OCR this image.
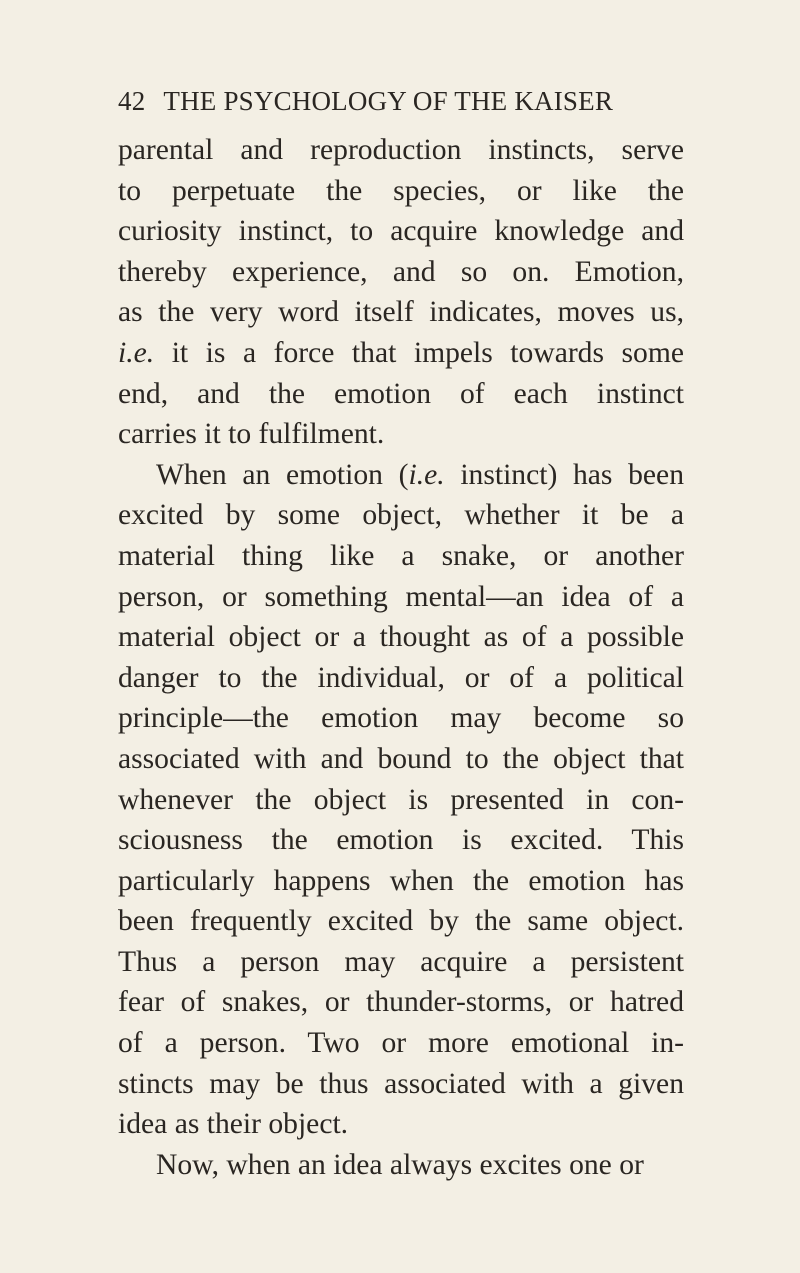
42 THE PSYCHOLOGY OF THE KAISER
parental and reproduction instincts, serve
to perpetuate the species, or like the
curiosity instinct, to acquire knowledge and
thereby experience, and so on. Emotion,
as the very word itself indicates, moves us,
i.e. it is a force that impels towards some
end, and the emotion of each instinct
carries it to fulfilment.
When an emotion (i.e. instinct) has been
excited by some object, whether it be a
material thing like a snake, or another
person, or something mental—an idea of a
material object or a thought as of a possible
danger to the individual, or of a political
principle—the emotion may become so
associated with and bound to the object that
whenever the object is presented in con-
sciousness the emotion is excited. This
particularly happens when the emotion has
been frequently excited by the same object.
Thus a person may acquire a persistent
fear of snakes, or thunder-storms, or hatred
of a person. Two or more emotional in-
stincts may be thus associated with a given
idea as their object.
Now, when an idea always excites one or
